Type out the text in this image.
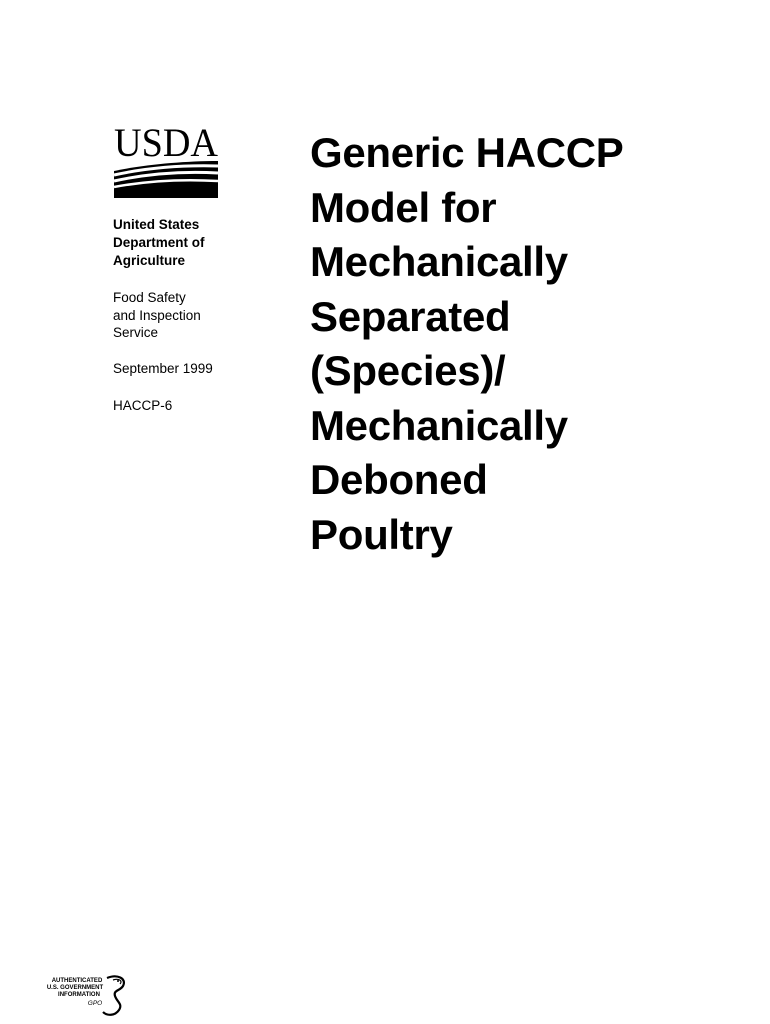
USDA
United States
Department of
Agriculture
Food Safety
and Inspection
Service
September 1999
HACCP-6
Generic HACCP
Model for
Mechanically
Separated
(Species)/
Mechanically
Deboned
Poultry
AUTHENTICATED
U.S. GOVERNMENT
INFORMATION
GPO
